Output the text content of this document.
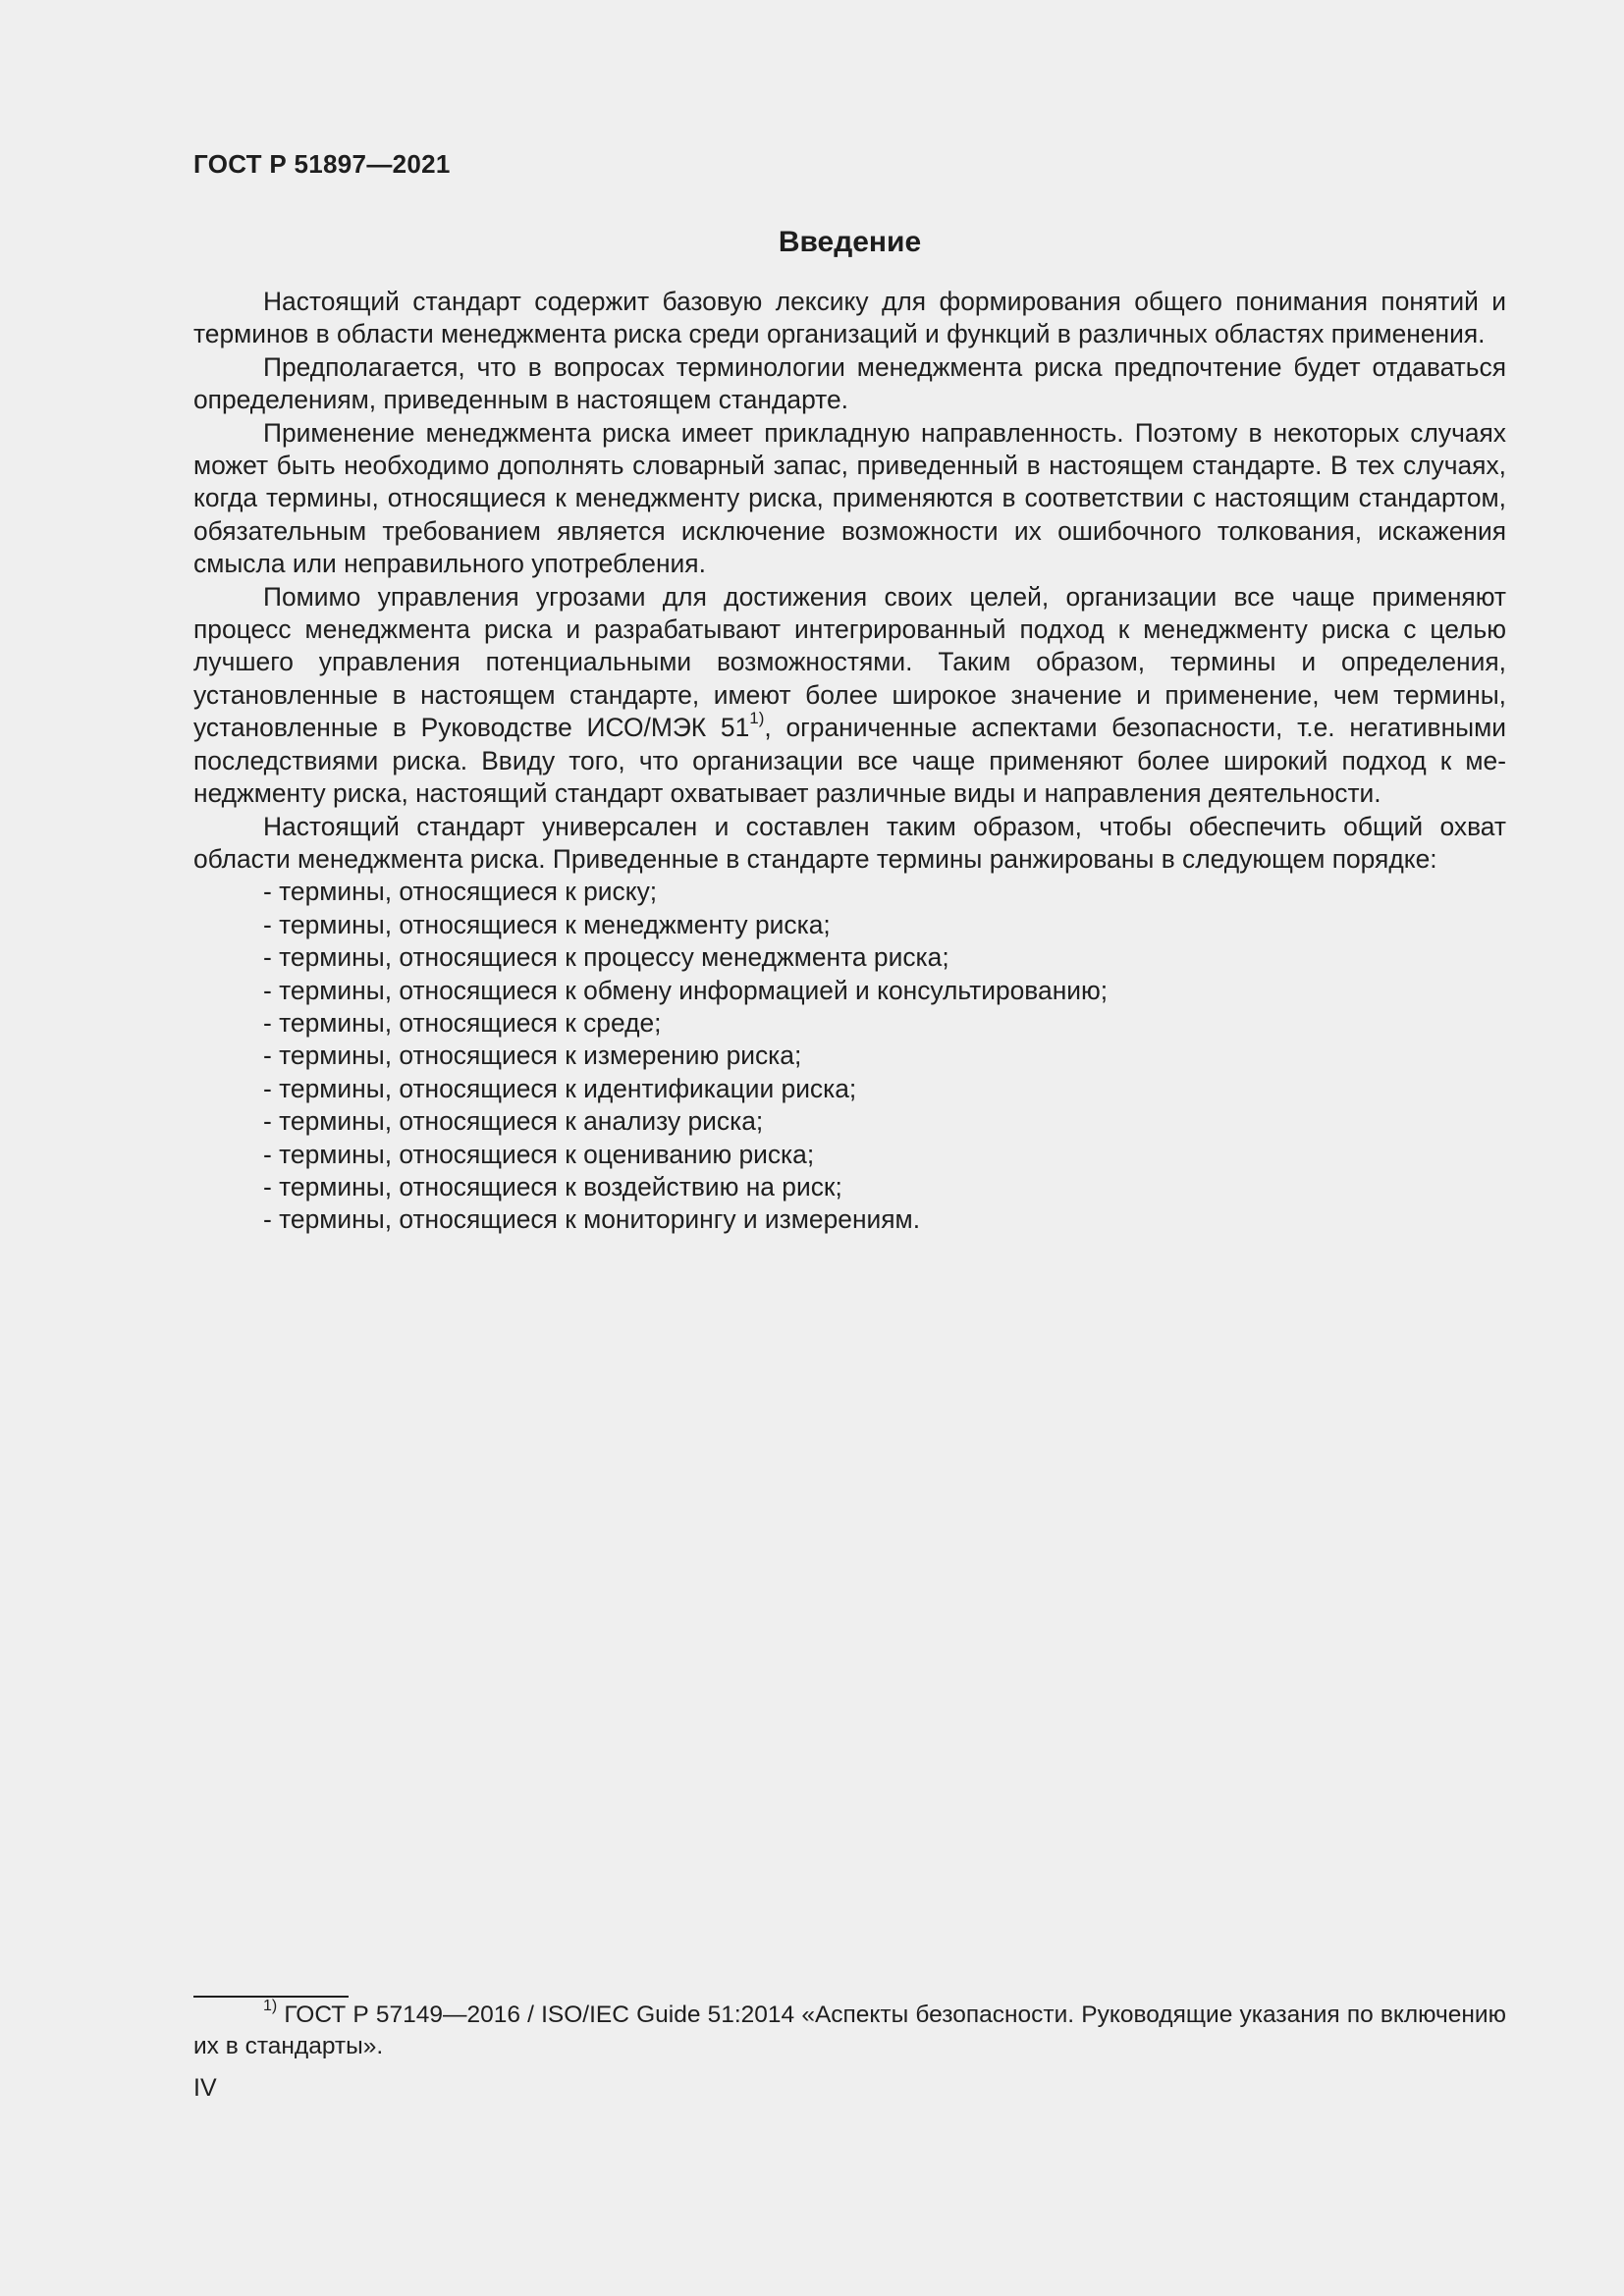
ГОСТ Р 51897—2021
Введение

Настоящий стандарт содержит базовую лексику для формирования общего понимания понятий и терминов в области менеджмента риска среди организаций и функций в различных областях применения.

Предполагается, что в вопросах терминологии менеджмента риска предпочтение будет отдаваться определениям, приведенным в настоящем стандарте.

Применение менеджмента риска имеет прикладную направленность. Поэтому в некоторых случаях может быть необходимо дополнять словарный запас, приведенный в настоящем стандарте. В тех случаях, когда термины, относящиеся к менеджменту риска, применяются в соответствии с настоящим стандартом, обязательным требованием является исключение возможности их ошибочного толкования, искажения смысла или неправильного употребления.

Помимо управления угрозами для достижения своих целей, организации все чаще применяют процесс менеджмента риска и разрабатывают интегрированный подход к менеджменту риска с целью лучшего управления потенциальными возможностями. Таким образом, термины и определения, установленные в настоящем стандарте, имеют более широкое значение и применение, чем термины, установленные в Руководстве ИСО/МЭК 51$^{1)}$, ограниченные аспектами безопасности, т.е. негативными последствиями риска. Ввиду того, что организации все чаще применяют более широкий подход к менеджменту риска, настоящий стандарт охватывает различные виды и направления деятельности.

Настоящий стандарт универсален и составлен таким образом, чтобы обеспечить общий охват области менеджмента риска. Приведенные в стандарте термины ранжированы в следующем порядке:

- термины, относящиеся к риску;
- термины, относящиеся к менеджменту риска;
- термины, относящиеся к процессу менеджмента риска;
- термины, относящиеся к обмену информацией и консультированию;
- термины, относящиеся к среде;
- термины, относящиеся к измерению риска;
- термины, относящиеся к идентификации риска;
- термины, относящиеся к анализу риска;
- термины, относящиеся к оцениванию риска;
- термины, относящиеся к воздействию на риск;
- термины, относящиеся к мониторингу и измерениям.

$^{1)}$ ГОСТ Р 57149—2016 / ISO/IEC Guide 51:2014 «Аспекты безопасности. Руководящие указания по включению их в стандарты».

IV
